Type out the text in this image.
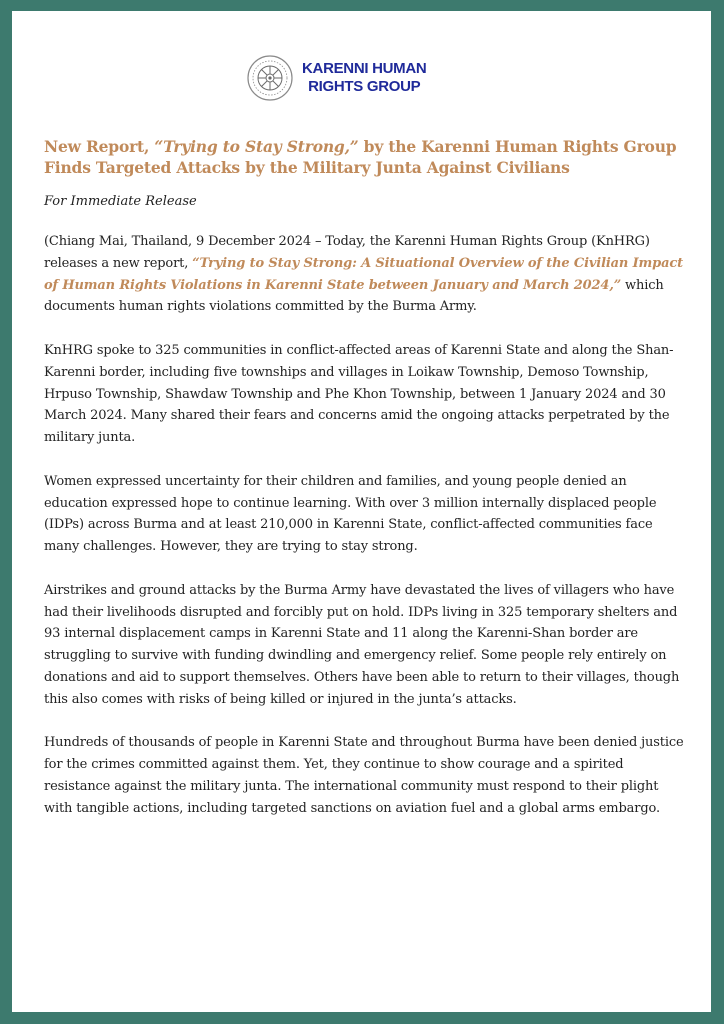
KARENNI HUMAN
RIGHTS GROUP
New Report, “Trying to Stay Strong,” by the Karenni Human Rights Group Finds Targeted Attacks by the Military Junta Against Civilians
For Immediate Release

(Chiang Mai, Thailand, 9 December 2024 – Today, the Karenni Human Rights Group (KnHRG) releases a new report, “Trying to Stay Strong: A Situational Overview of the Civilian Impact of Human Rights Violations in Karenni State between January and March 2024,” which documents human rights violations committed by the Burma Army.

KnHRG spoke to 325 communities in conflict-affected areas of Karenni State and along the Shan-Karenni border, including five townships and villages in Loikaw Township, Demoso Township, Hrpuso Township, Shawdaw Township and Phe Khon Township, between 1 January 2024 and 30 March 2024. Many shared their fears and concerns amid the ongoing attacks perpetrated by the military junta.

Women expressed uncertainty for their children and families, and young people denied an education expressed hope to continue learning. With over 3 million internally displaced people (IDPs) across Burma and at least 210,000 in Karenni State, conflict-affected communities face many challenges. However, they are trying to stay strong.

Airstrikes and ground attacks by the Burma Army have devastated the lives of villagers who have had their livelihoods disrupted and forcibly put on hold. IDPs living in 325 temporary shelters and 93 internal displacement camps in Karenni State and 11 along the Karenni-Shan border are struggling to survive with funding dwindling and emergency relief. Some people rely entirely on donations and aid to support themselves. Others have been able to return to their villages, though this also comes with risks of being killed or injured in the junta’s attacks.

Hundreds of thousands of people in Karenni State and throughout Burma have been denied justice for the crimes committed against them. Yet, they continue to show courage and a spirited resistance against the military junta. The international community must respond to their plight with tangible actions, including targeted sanctions on aviation fuel and a global arms embargo.
